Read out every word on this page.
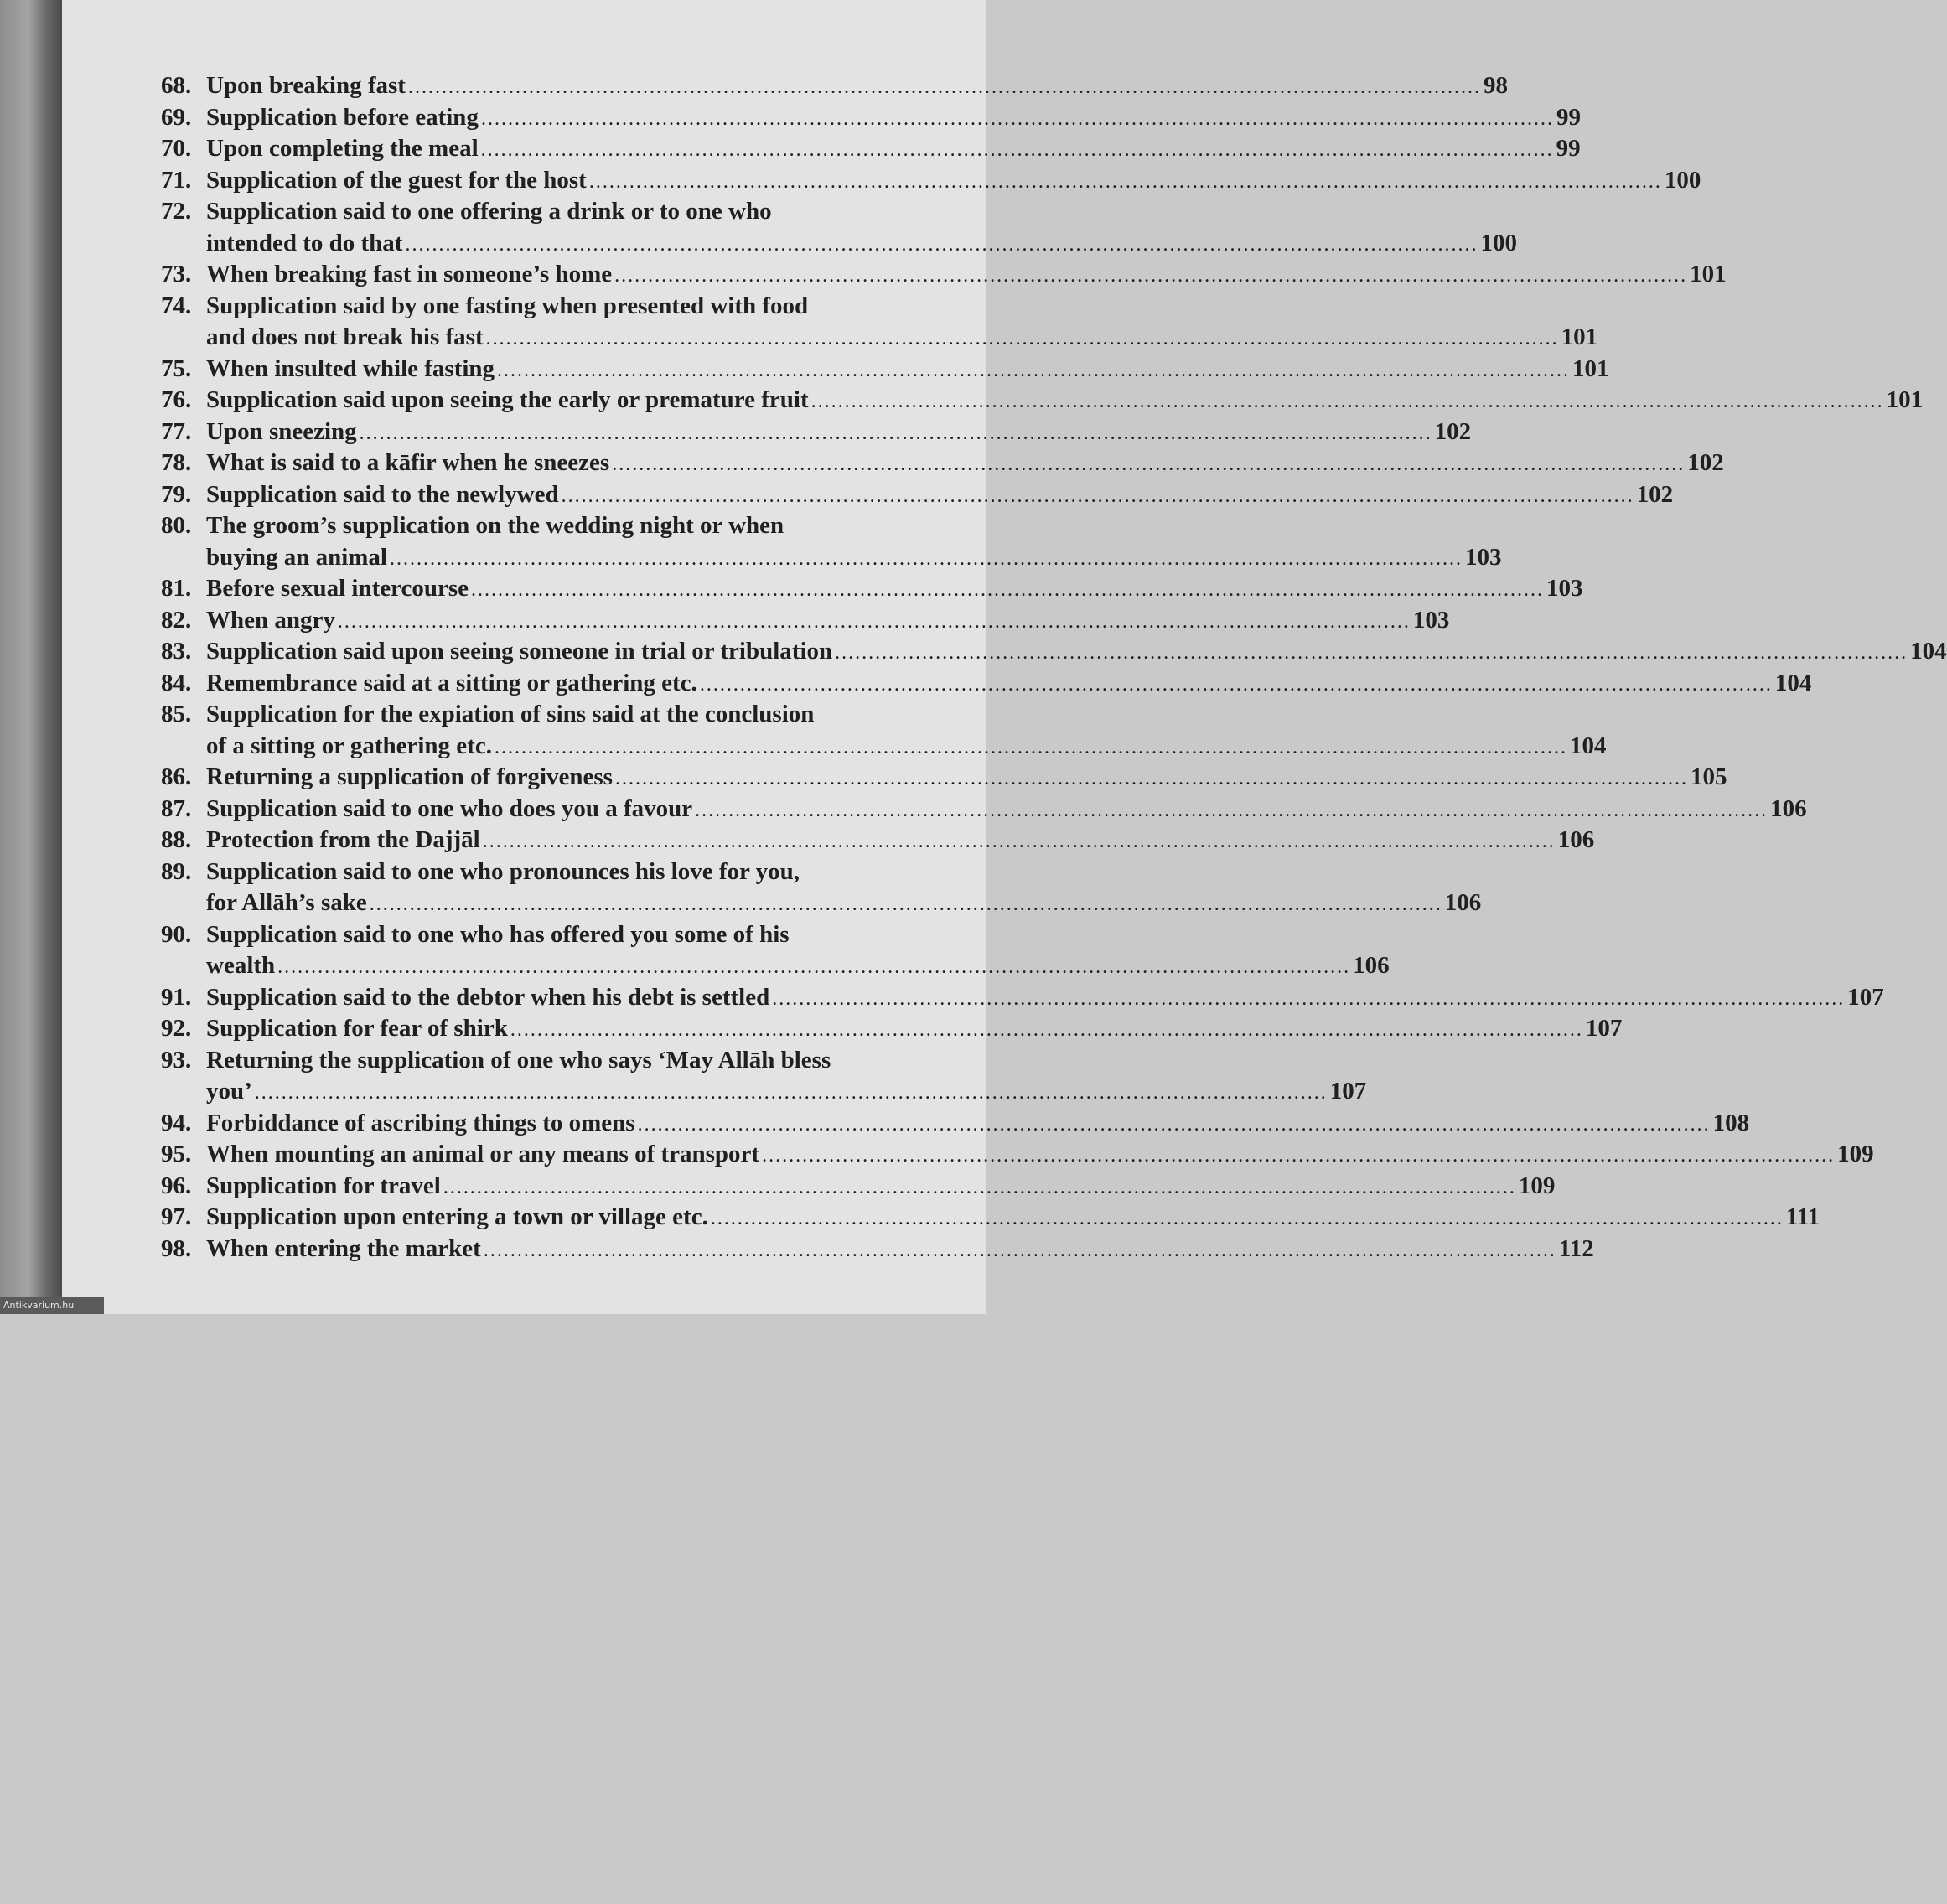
68. Upon breaking fast ................................................................................................................................................................ 98
69. Supplication before eating ................................................................................................................................................................ 99
70. Upon completing the meal ................................................................................................................................................................ 99
71. Supplication of the guest for the host ................................................................................................................................................................ 100
72. Supplication said to one offering a drink or to one who
intended to do that ................................................................................................................................................................ 100
73. When breaking fast in someone’s home ................................................................................................................................................................ 101
74. Supplication said by one fasting when presented with food
and does not break his fast ................................................................................................................................................................ 101
75. When insulted while fasting ................................................................................................................................................................ 101
76. Supplication said upon seeing the early or premature fruit ................................................................................................................................................................ 101
77. Upon sneezing ................................................................................................................................................................ 102
78. What is said to a kāfir when he sneezes ................................................................................................................................................................ 102
79. Supplication said to the newlywed ................................................................................................................................................................ 102
80. The groom’s supplication on the wedding night or when
buying an animal ................................................................................................................................................................ 103
81. Before sexual intercourse ................................................................................................................................................................ 103
82. When angry ................................................................................................................................................................ 103
83. Supplication said upon seeing someone in trial or tribulation ................................................................................................................................................................ 104
84. Remembrance said at a sitting or gathering etc. ................................................................................................................................................................ 104
85. Supplication for the expiation of sins said at the conclusion
of a sitting or gathering etc. ................................................................................................................................................................ 104
86. Returning a supplication of forgiveness ................................................................................................................................................................ 105
87. Supplication said to one who does you a favour ................................................................................................................................................................ 106
88. Protection from the Dajjāl ................................................................................................................................................................ 106
89. Supplication said to one who pronounces his love for you,
for Allāh’s sake ................................................................................................................................................................ 106
90. Supplication said to one who has offered you some of his
wealth ................................................................................................................................................................ 106
91. Supplication said to the debtor when his debt is settled ................................................................................................................................................................ 107
92. Supplication for fear of shirk ................................................................................................................................................................ 107
93. Returning the supplication of one who says ‘May Allāh bless
you’ ................................................................................................................................................................ 107
94. Forbiddance of ascribing things to omens ................................................................................................................................................................ 108
95. When mounting an animal or any means of transport ................................................................................................................................................................ 109
96. Supplication for travel ................................................................................................................................................................ 109
97. Supplication upon entering a town or village etc. ................................................................................................................................................................ 111
98. When entering the market ................................................................................................................................................................ 112
Antikvarium.hu
